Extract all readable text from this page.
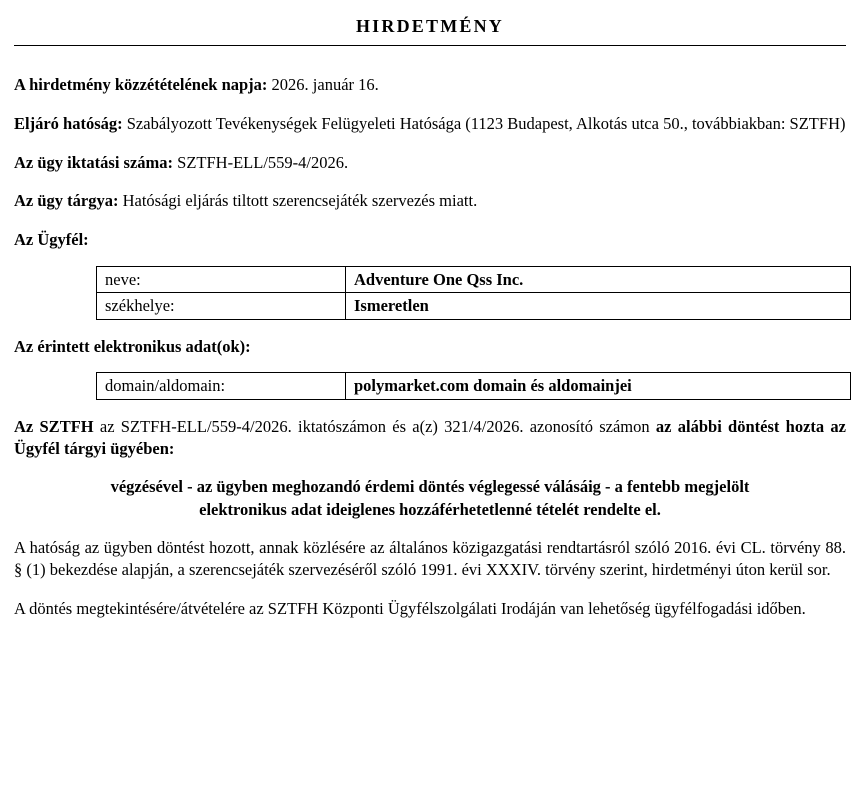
HIRDETMÉNY

A hirdetmény közzétételének napja: 2026. január 16.

Eljáró hatóság: Szabályozott Tevékenységek Felügyeleti Hatósága (1123 Budapest, Alkotás utca 50., továbbiakban: SZTFH)

Az ügy iktatási száma: SZTFH-ELL/559-4/2026.

Az ügy tárgya: Hatósági eljárás tiltott szerencsejáték szervezés miatt.

Az Ügyfél:

neve:	Adventure One Qss Inc.
székhelye:	Ismeretlen

Az érintett elektronikus adat(ok):

domain/aldomain:	polymarket.com domain és aldomainjei

Az SZTFH az SZTFH-ELL/559-4/2026. iktatószámon és a(z) 321/4/2026. azonosító számon az alábbi döntést hozta az Ügyfél tárgyi ügyében:

végzésével - az ügyben meghozandó érdemi döntés véglegessé válásáig - a fentebb megjelölt elektronikus adat ideiglenes hozzáférhetetlenné tételét rendelte el.

A hatóság az ügyben döntést hozott, annak közlésére az általános közigazgatási rendtartásról szóló 2016. évi CL. törvény 88. § (1) bekezdése alapján, a szerencsejáték szervezéséről szóló 1991. évi XXXIV. törvény szerint, hirdetményi úton kerül sor.

A döntés megtekintésére/átvételére az SZTFH Központi Ügyfélszolgálati Irodáján van lehetőség ügyfélfogadási időben.
